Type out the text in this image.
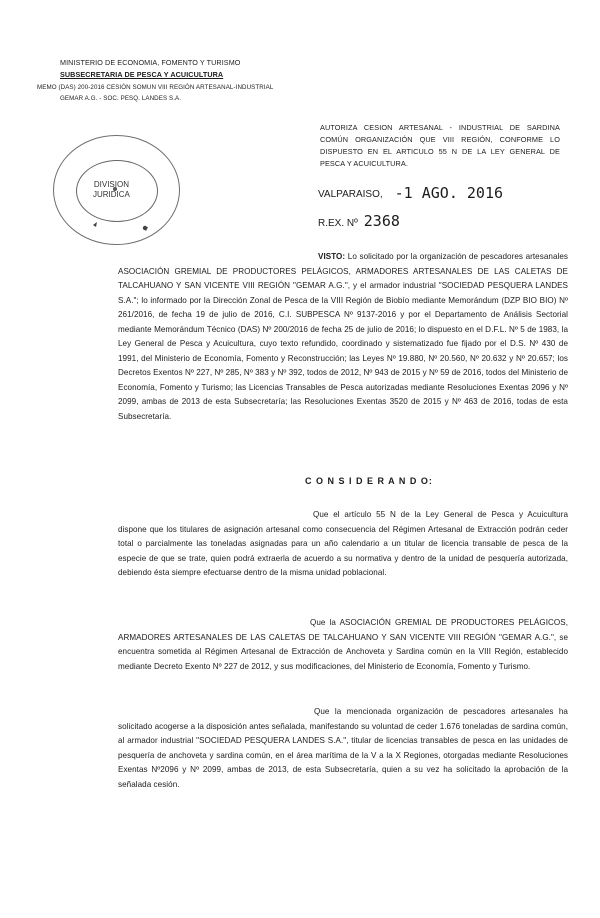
MINISTERIO DE ECONOMIA, FOMENTO Y TURISMO
SUBSECRETARIA DE PESCA Y ACUICULTURA
MEMO (DAS) 200-2016 CESIÓN SOMUN VIII REGIÓN ARTESANAL-INDUSTRIAL
GEMAR A.G. - SOC. PESQ. LANDES S.A.
DIVISION
JURIDICA
AUTORIZA CESION ARTESANAL - INDUSTRIAL DE SARDINA COMÚN ORGANIZACIÓN QUE VIII REGIÓN, CONFORME LO DISPUESTO EN EL ARTICULO 55 N DE LA LEY GENERAL DE PESCA Y ACUICULTURA.
VALPARAISO, -1 AGO. 2016
R.EX. Nº 2368
VISTO: Lo solicitado por la organización de pescadores artesanales ASOCIACIÓN GREMIAL DE PRODUCTORES PELÁGICOS, ARMADORES ARTESANALES DE LAS CALETAS DE TALCAHUANO Y SAN VICENTE VIII REGIÓN "GEMAR A.G.", y el armador industrial "SOCIEDAD PESQUERA LANDES S.A."; lo informado por la Dirección Zonal de Pesca de la VIII Región de Biobío mediante Memorándum (DZP BIO BIO) Nº 261/2016, de fecha 19 de julio de 2016, C.I. SUBPESCA Nº 9137-2016 y por el Departamento de Análisis Sectorial mediante Memorándum Técnico (DAS) Nº 200/2016 de fecha 25 de julio de 2016; lo dispuesto en el D.F.L. Nº 5 de 1983, la Ley General de Pesca y Acuicultura, cuyo texto refundido, coordinado y sistematizado fue fijado por el D.S. Nº 430 de 1991, del Ministerio de Economía, Fomento y Reconstrucción; las Leyes Nº 19.880, Nº 20.560, Nº 20.632 y Nº 20.657; los Decretos Exentos Nº 227, Nº 285, Nº 383 y Nº 392, todos de 2012, Nº 943 de 2015 y Nº 59 de 2016, todos del Ministerio de Economía, Fomento y Turismo; las Licencias Transables de Pesca autorizadas mediante Resoluciones Exentas 2096 y Nº 2099, ambas de 2013 de esta Subsecretaría; las Resoluciones Exentas 3520 de 2015 y Nº 463 de 2016, todas de esta Subsecretaría.
C O N S I D E R A N D O:
Que el artículo 55 N de la Ley General de Pesca y Acuicultura dispone que los titulares de asignación artesanal como consecuencia del Régimen Artesanal de Extracción podrán ceder total o parcialmente las toneladas asignadas para un año calendario a un titular de licencia transable de pesca de la especie de que se trate, quien podrá extraerla de acuerdo a su normativa y dentro de la unidad de pesquería autorizada, debiendo ésta siempre efectuarse dentro de la misma unidad poblacional.
Que la ASOCIACIÓN GREMIAL DE PRODUCTORES PELÁGICOS, ARMADORES ARTESANALES DE LAS CALETAS DE TALCAHUANO Y SAN VICENTE VIII REGIÓN "GEMAR A.G.", se encuentra sometida al Régimen Artesanal de Extracción de Anchoveta y Sardina común en la VIII Región, establecido mediante Decreto Exento Nº 227 de 2012, y sus modificaciones, del Ministerio de Economía, Fomento y Turismo.
Que la mencionada organización de pescadores artesanales ha solicitado acogerse a la disposición antes señalada, manifestando su voluntad de ceder 1.676 toneladas de sardina común, al armador industrial "SOCIEDAD PESQUERA LANDES S.A.", titular de licencias transables de pesca en las unidades de pesquería de anchoveta y sardina común, en el área marítima de la V a la X Regiones, otorgadas mediante Resoluciones Exentas Nº2096 y Nº 2099, ambas de 2013, de esta Subsecretaría, quien a su vez ha solicitado la aprobación de la señalada cesión.
